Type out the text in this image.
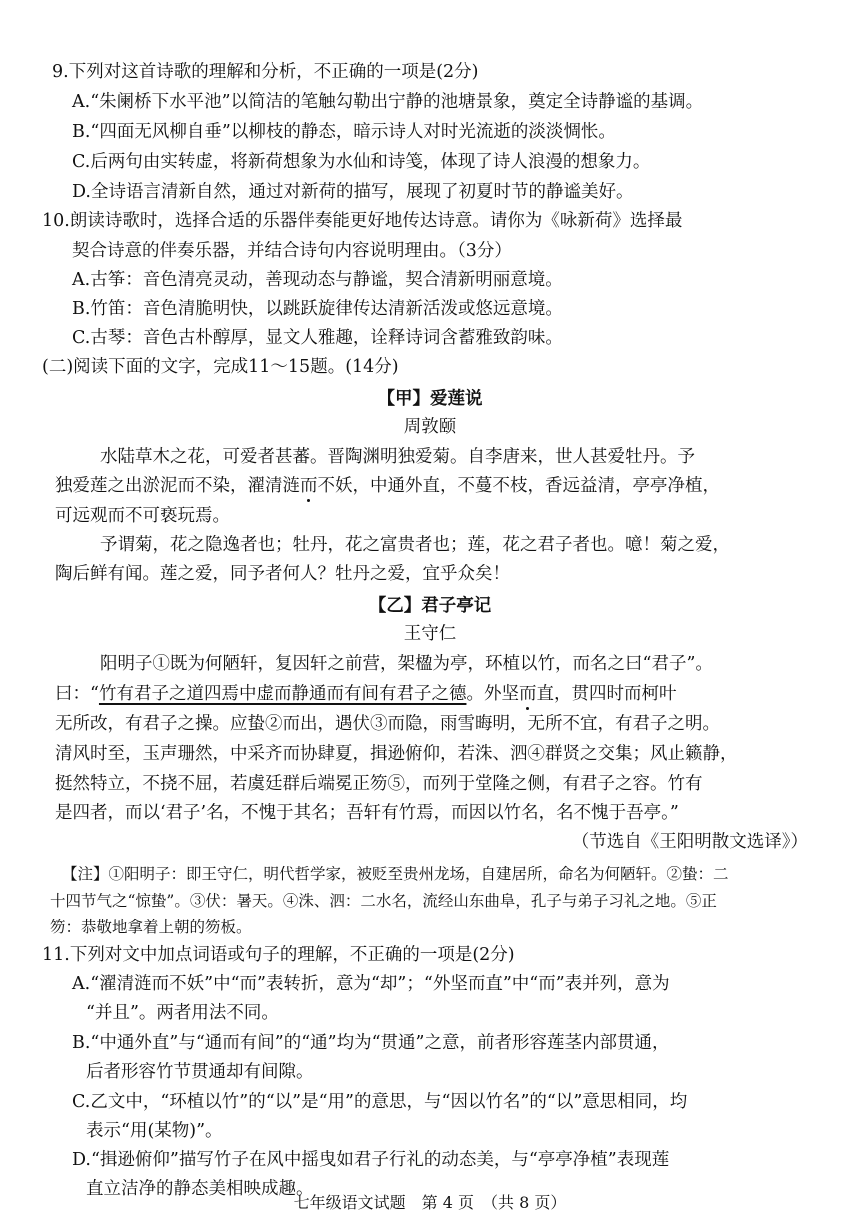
9.下列对这首诗歌的理解和分析，不正确的一项是(2分)
A.“朱阑桥下水平池”以简洁的笔触勾勒出宁静的池塘景象，奠定全诗静谧的基调。
B.“四面无风柳自垂”以柳枝的静态，暗示诗人对时光流逝的淡淡惆怅。
C.后两句由实转虚，将新荷想象为水仙和诗笺，体现了诗人浪漫的想象力。
D.全诗语言清新自然，通过对新荷的描写，展现了初夏时节的静谧美好。
10.朗读诗歌时，选择合适的乐器伴奏能更好地传达诗意。请你为《咏新荷》选择最
契合诗意的伴奏乐器，并结合诗句内容说明理由。（3分）
A.古筝：音色清亮灵动，善现动态与静谧，契合清新明丽意境。
B.竹笛：音色清脆明快，以跳跃旋律传达清新活泼或悠远意境。
C.古琴：音色古朴醇厚，显文人雅趣，诠释诗词含蓄雅致韵味。
(二)阅读下面的文字，完成11～15题。(14分)
【甲】爱莲说
周敦颐
水陆草木之花，可爱者甚蕃。晋陶渊明独爱菊。自李唐来，世人甚爱牡丹。予
独爱莲之出淤泥而不染，濯清涟而不妖，中通外直，不蔓不枝，香远益清，亭亭净植，
可远观而不可亵玩焉。
予谓菊，花之隐逸者也；牡丹，花之富贵者也；莲，花之君子者也。噫！菊之爱，
陶后鲜有闻。莲之爱，同予者何人？牡丹之爱，宜乎众矣！
【乙】君子亭记
王守仁
阳明子①既为何陋轩，复因轩之前营，架楹为亭，环植以竹，而名之曰“君子”。
曰：“竹有君子之道四焉中虚而静通而有间有君子之德。外坚而直，贯四时而柯叶
无所改，有君子之操。应蛰②而出，遇伏③而隐，雨雪晦明，无所不宜，有君子之明。
清风时至，玉声珊然，中采齐而协肆夏，揖逊俯仰，若洙、泗④群贤之交集；风止籁静，
挺然特立，不挠不屈，若虞廷群后端冕正笏⑤，而列于堂隆之侧，有君子之容。竹有
是四者，而以‘君子’名，不愧于其名；吾轩有竹焉，而因以竹名，名不愧于吾亭。”
（节选自《王阳明散文选译》）
【注】①阳明子：即王守仁，明代哲学家，被贬至贵州龙场，自建居所，命名为何陋轩。②蛰：二
十四节气之“惊蛰”。③伏：暑天。④洙、泗：二水名，流经山东曲阜，孔子与弟子习礼之地。⑤正
笏：恭敬地拿着上朝的笏板。
11.下列对文中加点词语或句子的理解，不正确的一项是(2分)
A.“濯清涟而不妖”中“而”表转折，意为“却”；“外坚而直”中“而”表并列，意为
“并且”。两者用法不同。
B.“中通外直”与“通而有间”的“通”均为“贯通”之意，前者形容莲茎内部贯通，
后者形容竹节贯通却有间隙。
C.乙文中，“环植以竹”的“以”是“用”的意思，与“因以竹名”的“以”意思相同，均
表示“用(某物)”。
D.“揖逊俯仰”描写竹子在风中摇曳如君子行礼的动态美，与“亭亭净植”表现莲
直立洁净的静态美相映成趣。
七年级语文试题　第 4 页　（共 8 页）
